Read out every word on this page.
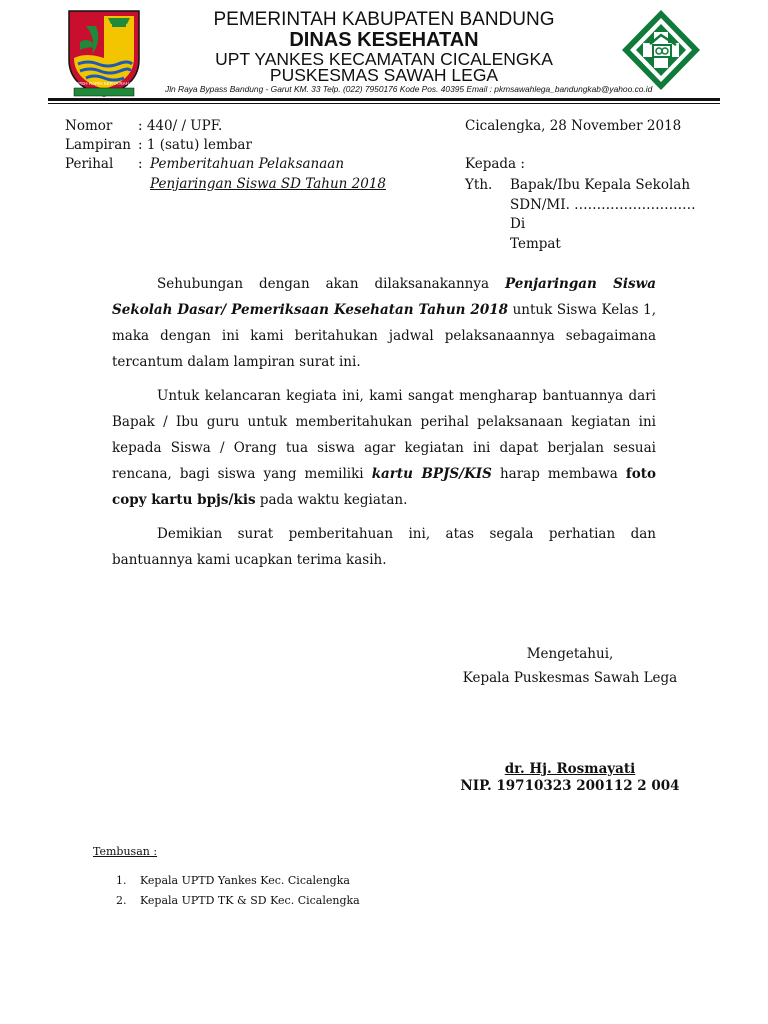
REPEH RAPIH KERTA RAHARJA
PEMERINTAH KABUPATEN BANDUNG
DINAS KESEHATAN
UPT YANKES KECAMATAN CICALENGKA
PUSKESMAS SAWAH LEGA
Jln Raya Bypass Bandung - Garut KM. 33 Telp. (022) 7950176 Kode Pos. 40395 Email : pkmsawahlega_bandungkab@yahoo.co.id
Nomor : 440/ / UPF.
Lampiran : 1 (satu) lembar
Perihal : Pemberitahuan Pelaksanaan
Penjaringan Siswa SD Tahun 2018
Cicalengka, 28 November 2018
Kepada :
Yth. Bapak/Ibu Kepala Sekolah
SDN/MI. ………………………
Di
Tempat

Sehubungan dengan akan dilaksanakannya Penjaringan Siswa Sekolah Dasar/ Pemeriksaan Kesehatan Tahun 2018 untuk Siswa Kelas 1, maka dengan ini kami beritahukan jadwal pelaksanaannya sebagaimana tercantum dalam lampiran surat ini.

Untuk kelancaran kegiata ini, kami sangat mengharap bantuannya dari Bapak / Ibu guru untuk memberitahukan perihal pelaksanaan kegiatan ini kepada Siswa / Orang tua siswa agar kegiatan ini dapat berjalan sesuai rencana, bagi siswa yang memiliki kartu BPJS/KIS harap membawa foto copy kartu bpjs/kis pada waktu kegiatan.

Demikian surat pemberitahuan ini, atas segala perhatian dan bantuannya kami ucapkan terima kasih.

Mengetahui,
Kepala Puskesmas Sawah Lega
dr. Hj. Rosmayati
NIP. 19710323 200112 2 004
Tembusan :
1. Kepala UPTD Yankes Kec. Cicalengka
2. Kepala UPTD TK & SD Kec. Cicalengka
